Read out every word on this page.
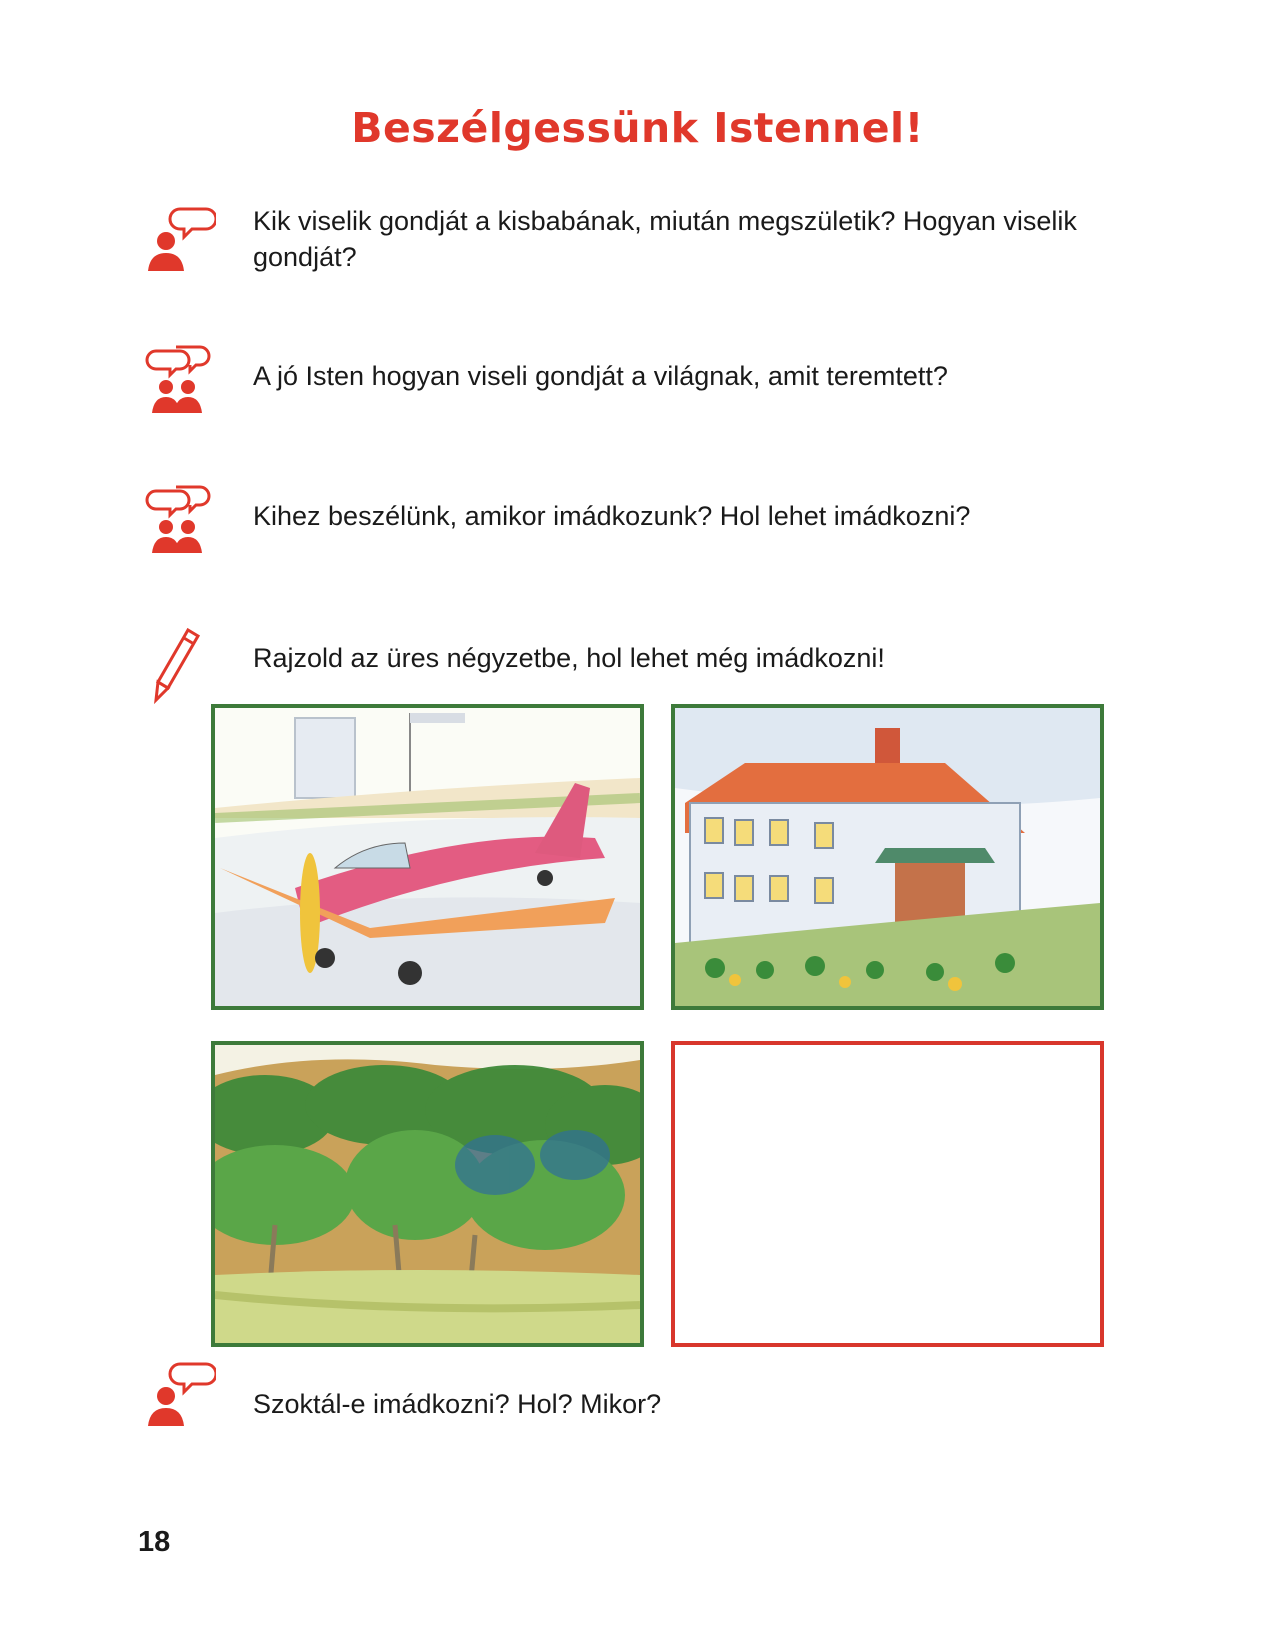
Beszélgessünk Istennel!
Kik viselik gondját a kisbabának, miután megszületik? Hogyan viselik gondját?
A jó Isten hogyan viseli gondját a világnak, amit teremtett?
Kihez beszélünk, amikor imádkozunk? Hol lehet imádkozni?
Rajzold az üres négyzetbe, hol lehet még imádkozni!
Szoktál-e imádkozni? Hol? Mikor?
18
